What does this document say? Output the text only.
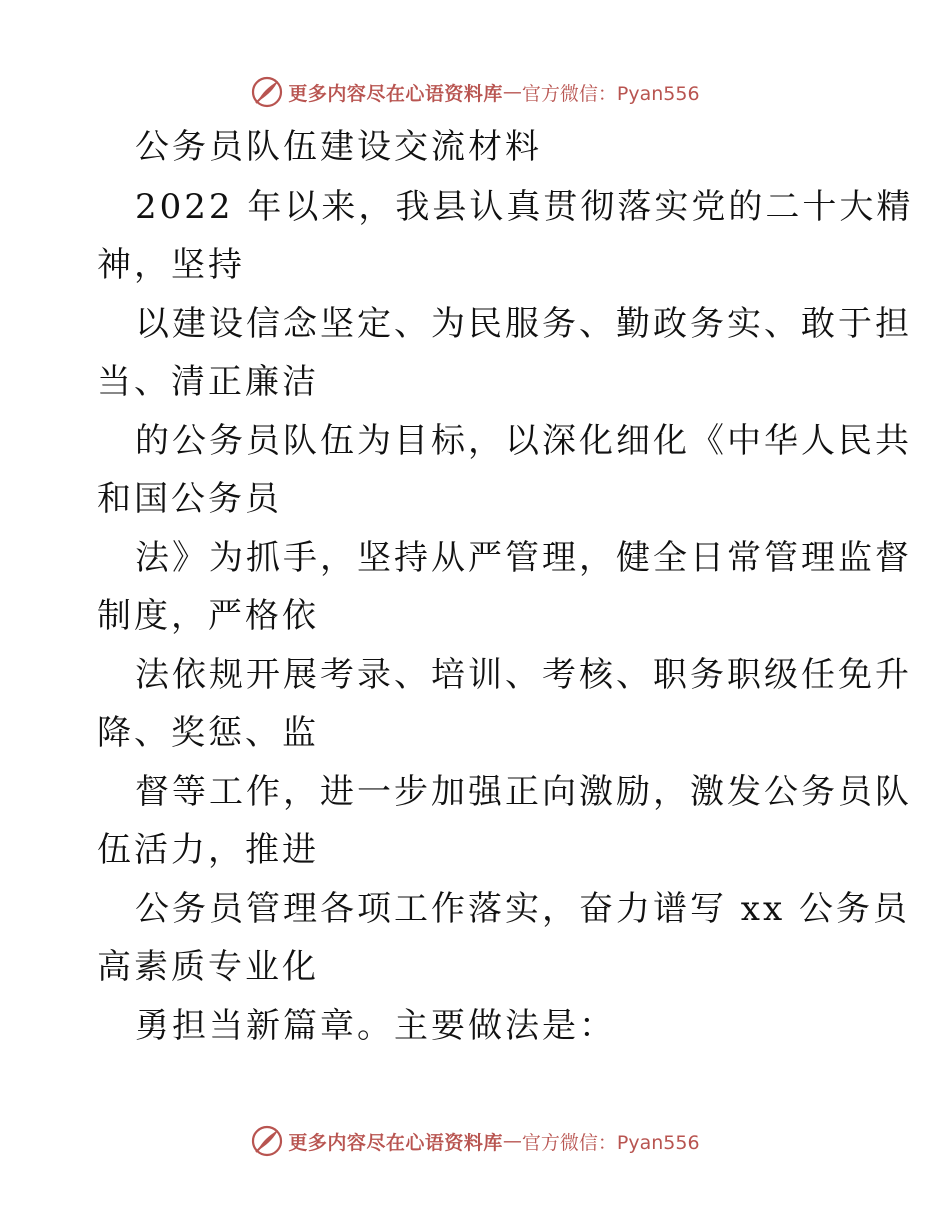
更多内容尽在心语资料库 — 官方微信：Pyan556
公务员队伍建设交流材料
2022 年以来，我县认真贯彻落实党的二十大精
神，坚持
以建设信念坚定、为民服务、勤政务实、敢于担
当、清正廉洁
的公务员队伍为目标，以深化细化《中华人民共
和国公务员
法》为抓手，坚持从严管理，健全日常管理监督
制度，严格依
法依规开展考录、培训、考核、职务职级任免升
降、奖惩、监
督等工作，进一步加强正向激励，激发公务员队
伍活力，推进
公务员管理各项工作落实，奋力谱写 xx 公务员
高素质专业化
勇担当新篇章。主要做法是：
更多内容尽在心语资料库 — 官方微信：Pyan556
